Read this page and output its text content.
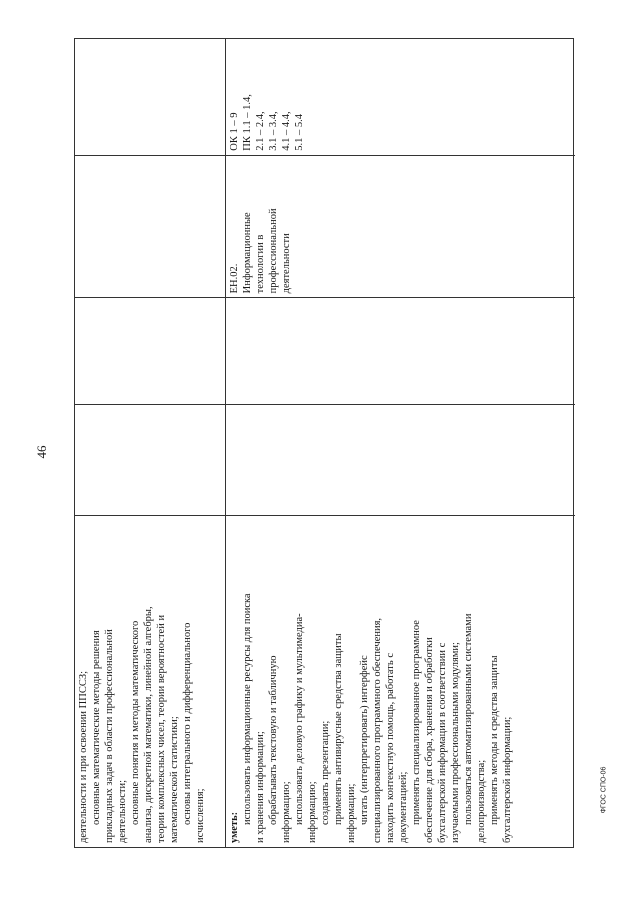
46
ФГОС СПО-06
деятельности и при освоении ППССЗ; основные математические методы решения прикладных задач в области профессиональной деятельности; основные понятия и методы математического анализа, дискретной математики, линейной алгебры, теории комплексных чисел, теории вероятностей и математической статистики; основы интегрального и дифференциального исчисления; уметь:
использовать информационные ресурсы для поиска и хранения информации; обрабатывать текстовую и табличную информацию; использовать деловую графику и мультимедиа- информацию; создавать презентации; применять антивирусные средства защиты информации; читать (интерпретировать) интерфейс специализированного программного обеспечения, находить контекстную помощь, работать с документацией; применять специализированное программное обеспечение для сбора, хранения и обработки бухгалтерской информации в соответствии с изучаемыми профессиональными модулями; пользоваться автоматизированными системами делопроизводства; применять методы и средства защиты бухгалтерской информации;
ЕН.02. Информационные технологии в профессиональной деятельности
ОК 1 – 9 ПК 1.1 – 1.4, 2.1 – 2.4, 3.1 – 3.4, 4.1 – 4.4, 5.1 – 5.4
